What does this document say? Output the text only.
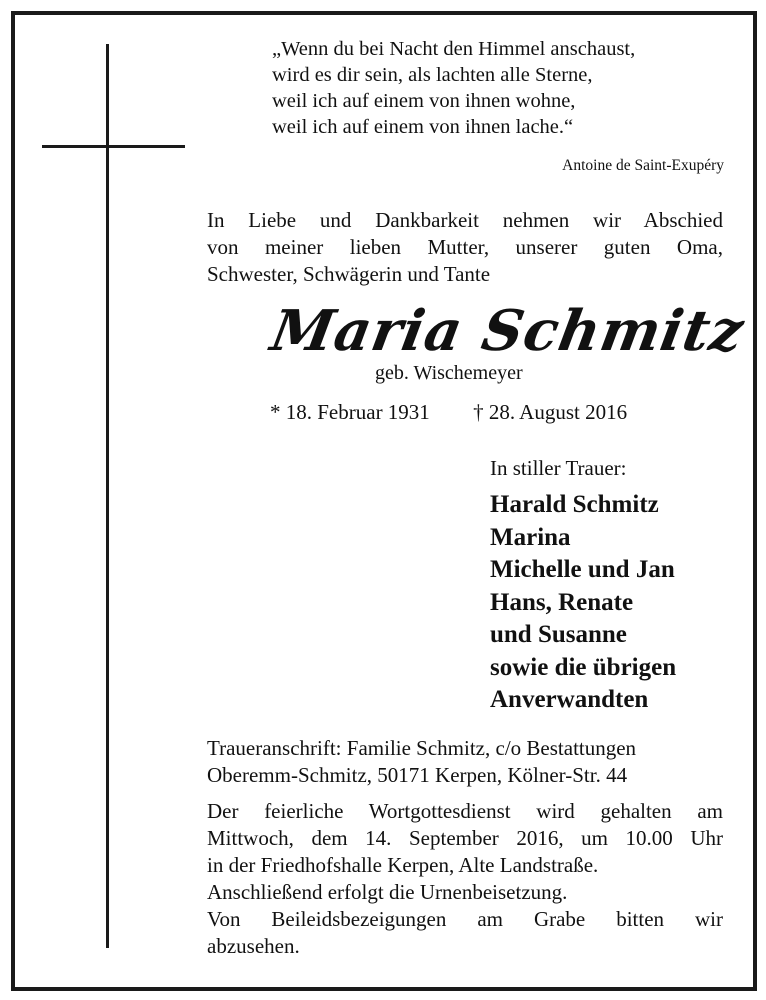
„Wenn du bei Nacht den Himmel anschaust,

wird es dir sein, als lachten alle Sterne,

weil ich auf einem von ihnen wohne,

weil ich auf einem von ihnen lache.“

Antoine de Saint-Exupéry

In Liebe und Dankbarkeit nehmen wir Abschied

von meiner lieben Mutter, unserer guten Oma,

Schwester, Schwägerin und Tante

Maria Schmitz
geb. Wischemeyer
* 18. Februar 1931 † 28. August 2016
In stiller Trauer:
Harald Schmitz
Marina
Michelle und Jan
Hans, Renate
und Susanne
sowie die übrigen
Anverwandten

Traueranschrift: Familie Schmitz, c/o Bestattungen

Oberemm-Schmitz, 50171 Kerpen, Kölner-Str. 44

Der feierliche Wortgottesdienst wird gehalten am

Mittwoch, dem 14. September 2016, um 10.00 Uhr

in der Friedhofshalle Kerpen, Alte Landstraße.

Anschließend erfolgt die Urnenbeisetzung.

Von Beileidsbezeigungen am Grabe bitten wir

abzusehen.
